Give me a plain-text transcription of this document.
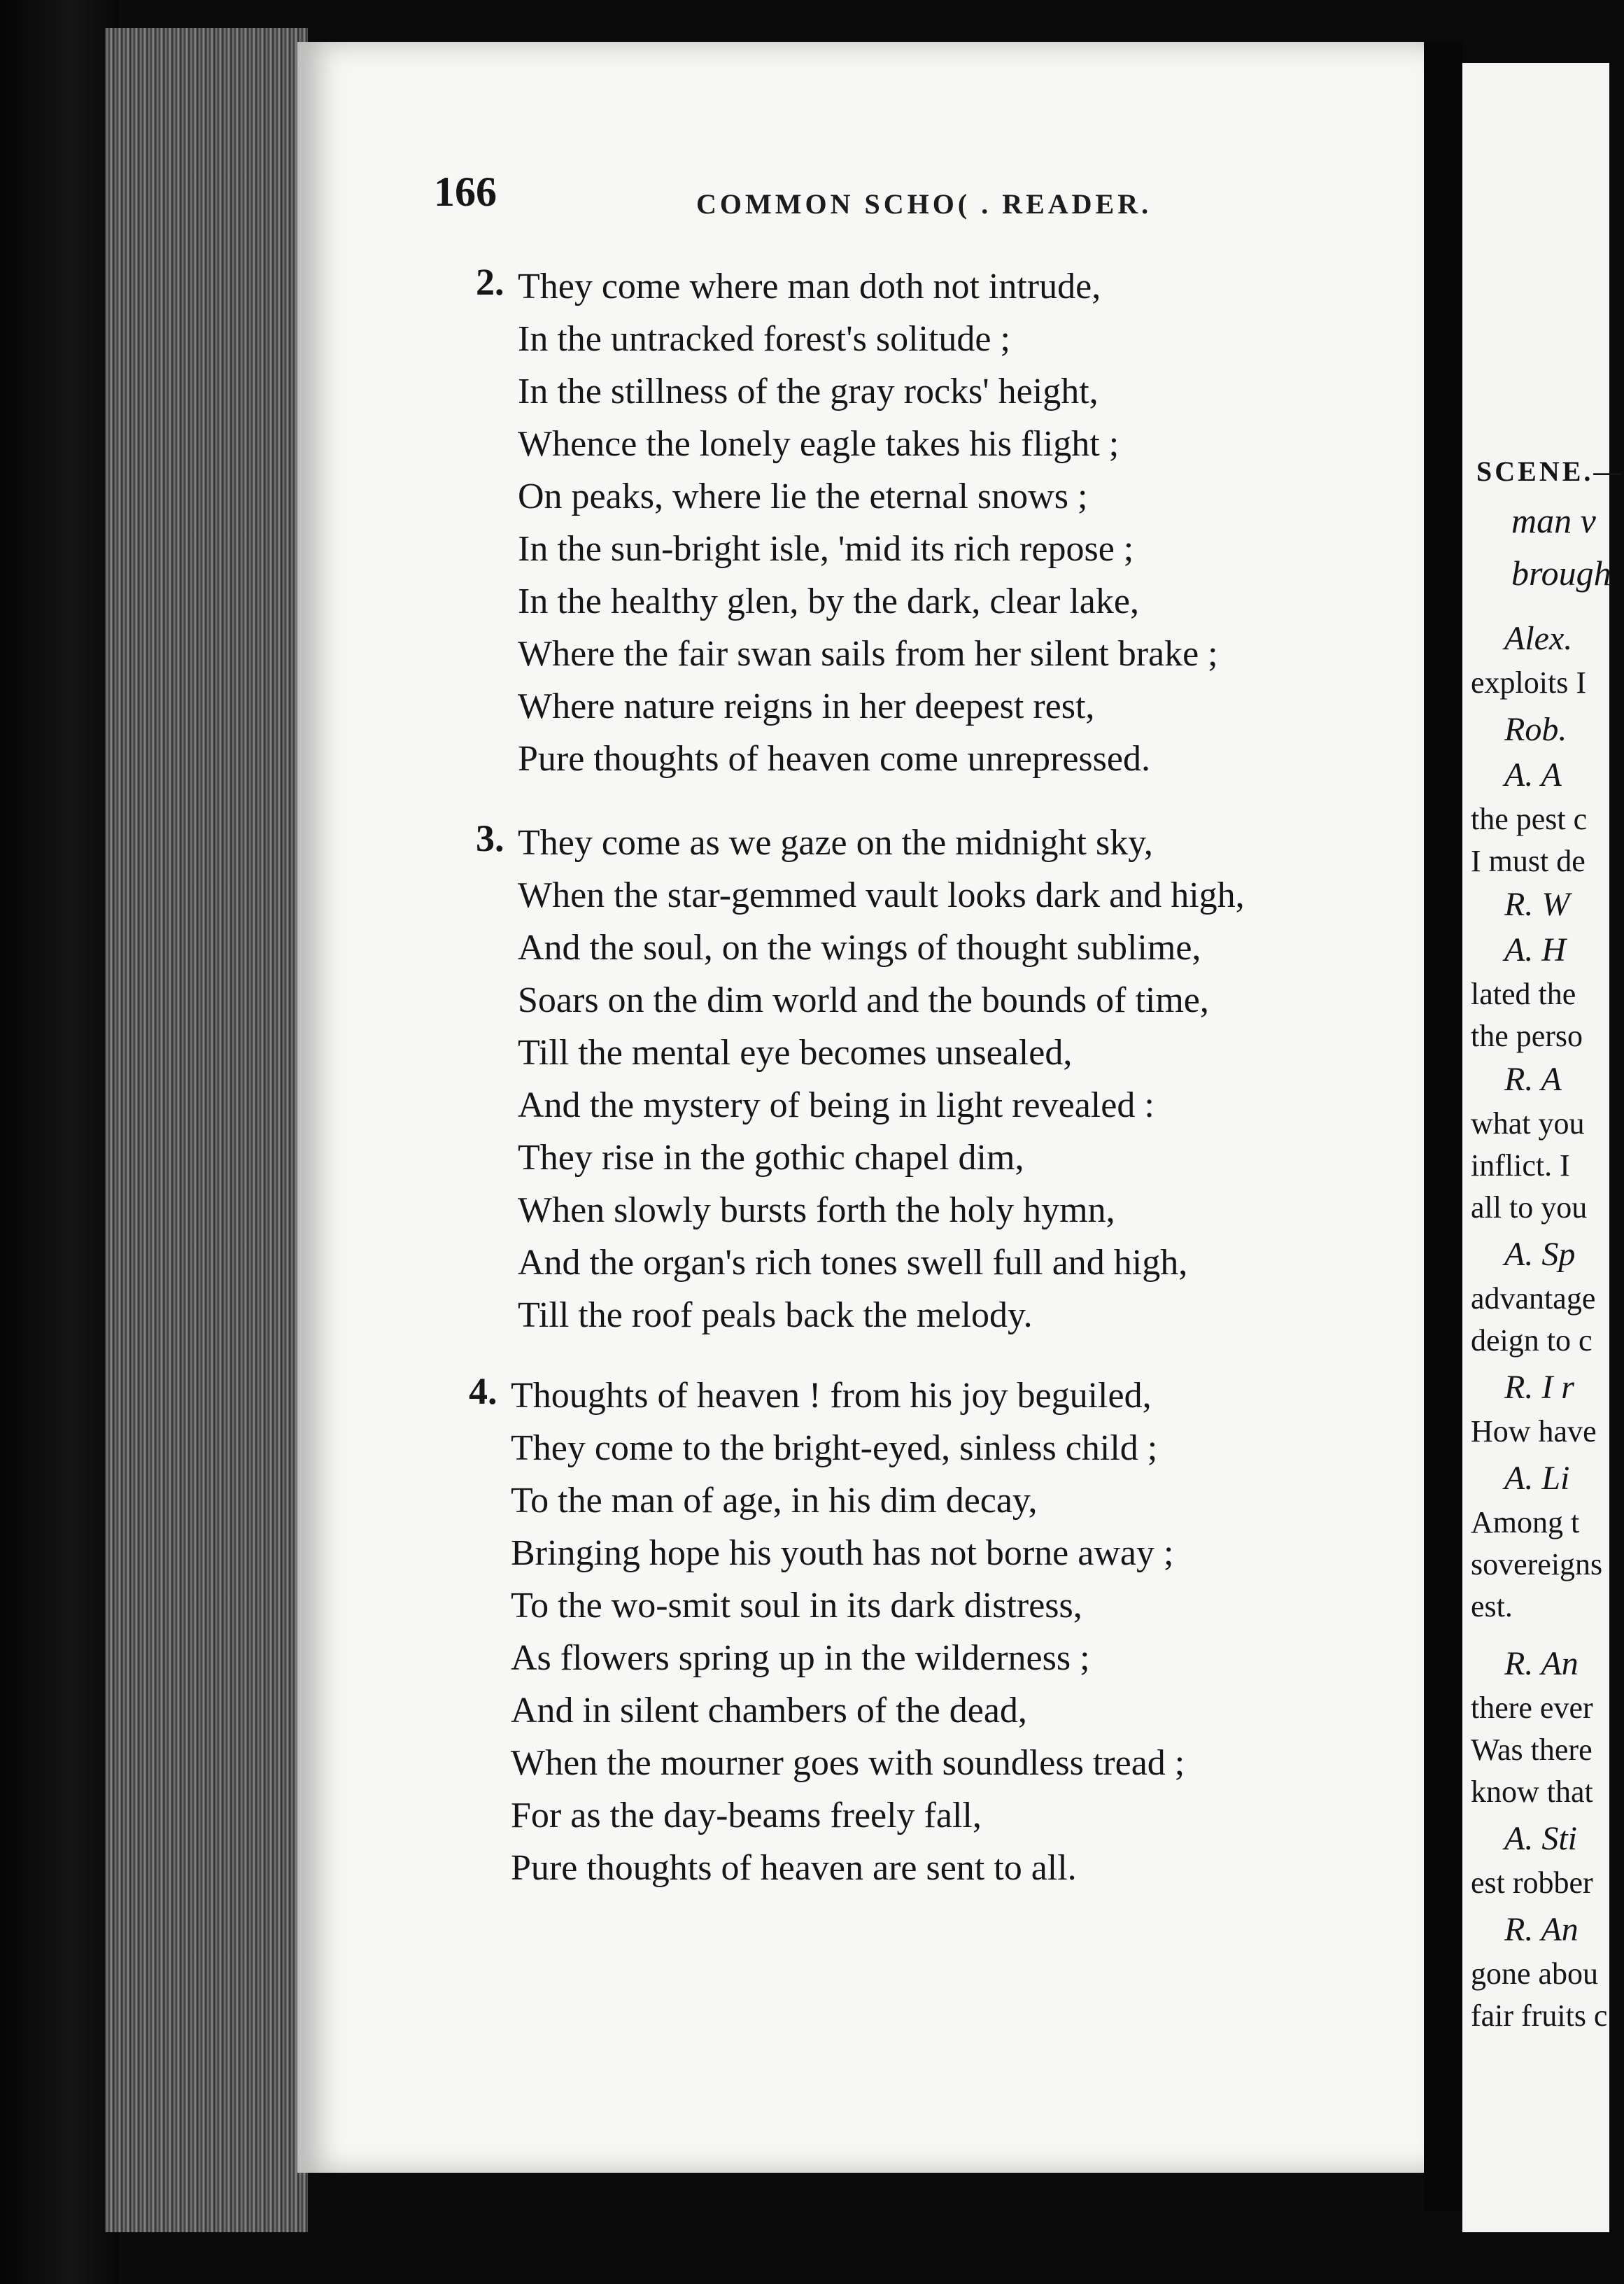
166	COMMON SCHO( . READER.
2. They come where man doth not intrude,
In the untracked forest's solitude ;
In the stillness of the gray rocks' height,
Whence the lonely eagle takes his flight ;
On peaks, where lie the eternal snows ;
In the sun-bright isle, 'mid its rich repose ;
In the healthy glen, by the dark, clear lake,
Where the fair swan sails from her silent brake ;
Where nature reigns in her deepest rest,
Pure thoughts of heaven come unrepressed.
3. They come as we gaze on the midnight sky,
When the star-gemmed vault looks dark and high,
And the soul, on the wings of thought sublime,
Soars on the dim world and the bounds of time,
Till the mental eye becomes unsealed,
And the mystery of being in light revealed :
They rise in the gothic chapel dim,
When slowly bursts forth the holy hymn,
And the organ's rich tones swell full and high,
Till the roof peals back the melody.
4. Thoughts of heaven ! from his joy beguiled,
They come to the bright-eyed, sinless child ;
To the man of age, in his dim decay,
Bringing hope his youth has not borne away ;
To the wo-smit soul in its dark distress,
As flowers spring up in the wilderness ;
And in silent chambers of the dead,
When the mourner goes with soundless tread ;
For as the day-beams freely fall,
Pure thoughts of heaven are sent to all.
SCENE.—
man v
brough
Alex.
exploits I
Rob.
A. A
the pest c
I must de
R. W
A. H
lated the
the perso
R. A
what you
inflict. I
all to you
A. Sp
advantage
deign to c
R. I r
How have
A. Li
Among t
sovereigns
est.
R. An
there ever
Was there
know that
A. Sti
est robber
R. An
gone abou
fair fruits c
